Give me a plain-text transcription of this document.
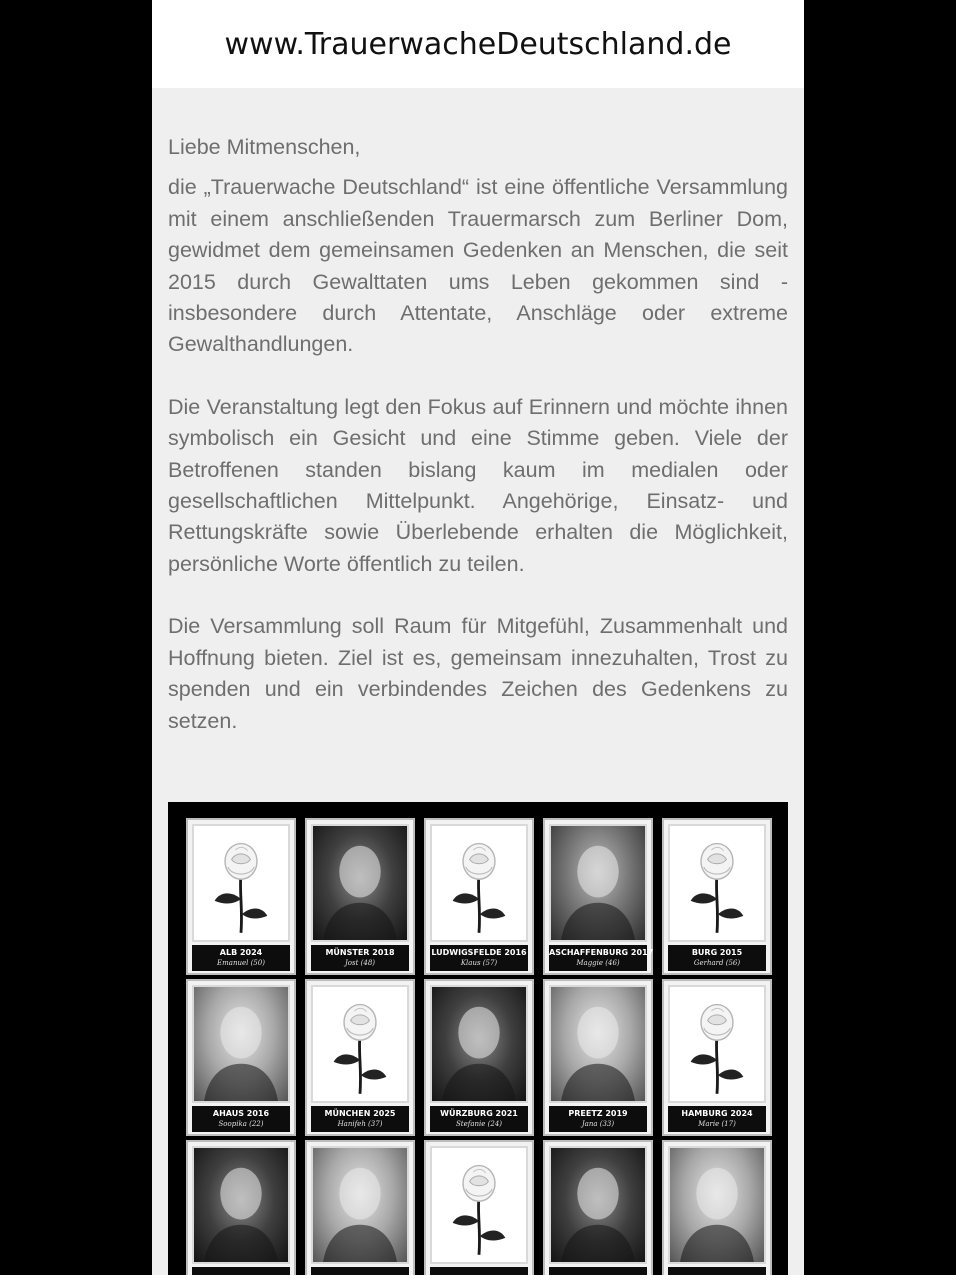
www.TrauerwacheDeutschland.de

Liebe Mitmenschen,

die „Trauerwache Deutschland“ ist eine öffentliche Versammlung mit einem anschließenden Trauermarsch zum Berliner Dom, gewidmet dem gemeinsamen Gedenken an Menschen, die seit 2015 durch Gewalttaten ums Leben gekommen sind - insbesondere durch Attentate, Anschläge oder extreme Gewalthandlungen.

Die Veranstaltung legt den Fokus auf Erinnern und möchte ihnen symbolisch ein Gesicht und eine Stimme geben. Viele der Betroffenen standen bislang kaum im medialen oder gesellschaftlichen Mittelpunkt. Angehörige, Einsatz- und Rettungskräfte sowie Überlebende erhalten die Möglichkeit, persönliche Worte öffentlich zu teilen.

Die Versammlung soll Raum für Mitgefühl, Zusammenhalt und Hoffnung bieten. Ziel ist es, gemeinsam innezuhalten, Trost zu spenden und ein verbindendes Zeichen des Gedenkens zu setzen.

ALB 2024
Emanuel (50)
MÜNSTER 2018
Jost (48)
LUDWIGSFELDE 2016
Klaus (57)
ASCHAFFENBURG 2017
Maggie (46)
BURG 2015
Gerhard (56)
AHAUS 2016
Soopika (22)
MÜNCHEN 2025
Hanifeh (37)
WÜRZBURG 2021
Stefanie (24)
PREETZ 2019
Jana (33)
HAMBURG 2024
Marie (17)
